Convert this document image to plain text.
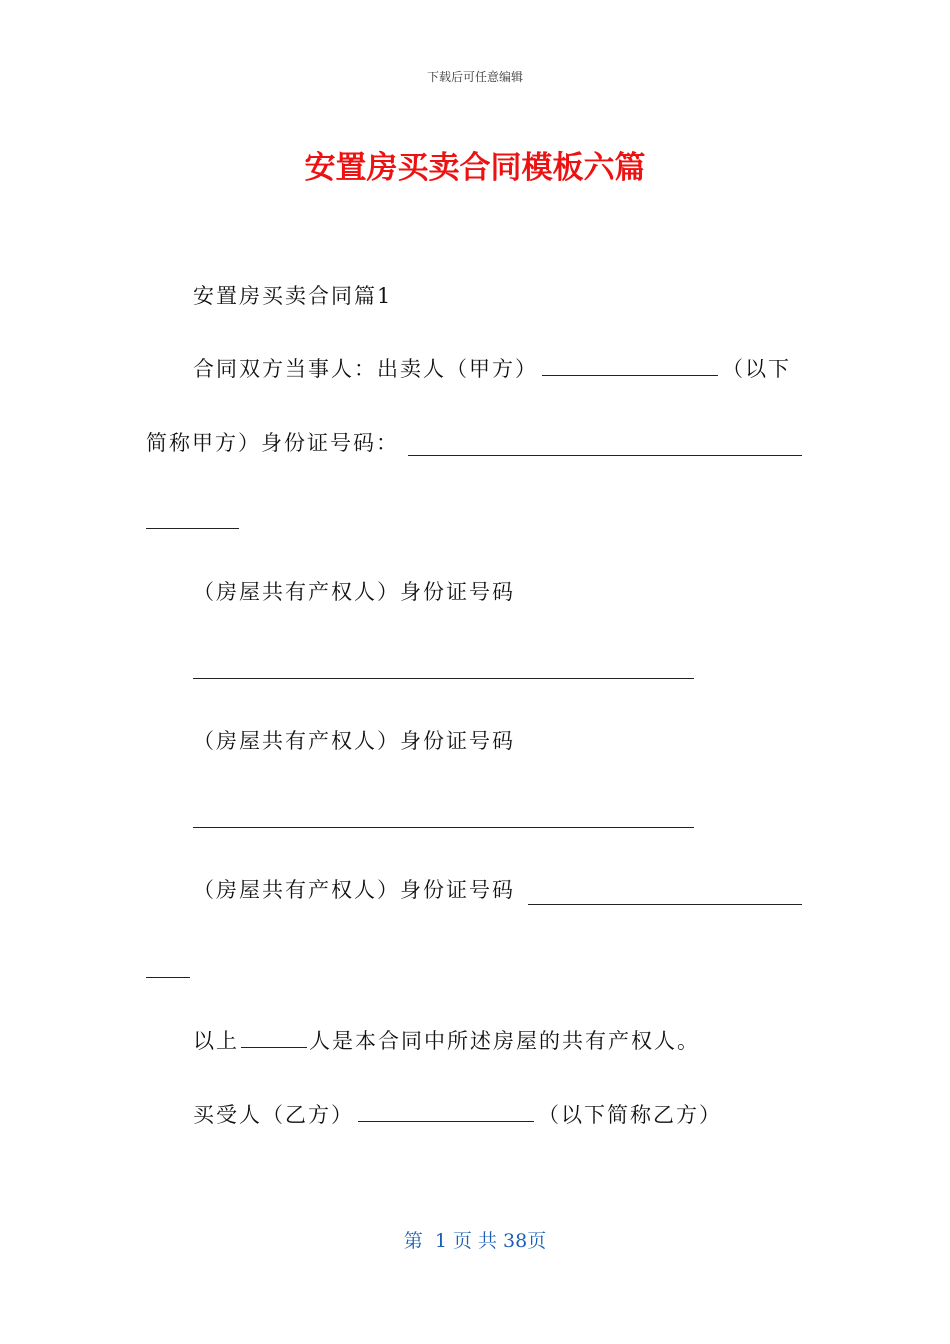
下载后可任意编辑
安置房买卖合同模板六篇
安置房买卖合同篇1
合同双方当事人：出卖人（甲方）	（以下
简称甲方）身份证号码：
（房屋共有产权人）身份证号码
（房屋共有产权人）身份证号码
（房屋共有产权人）身份证号码
以上	人是本合同中所述房屋的共有产权人。
买受人（乙方）	（以下简称乙方）
第  1 页 共 38页
